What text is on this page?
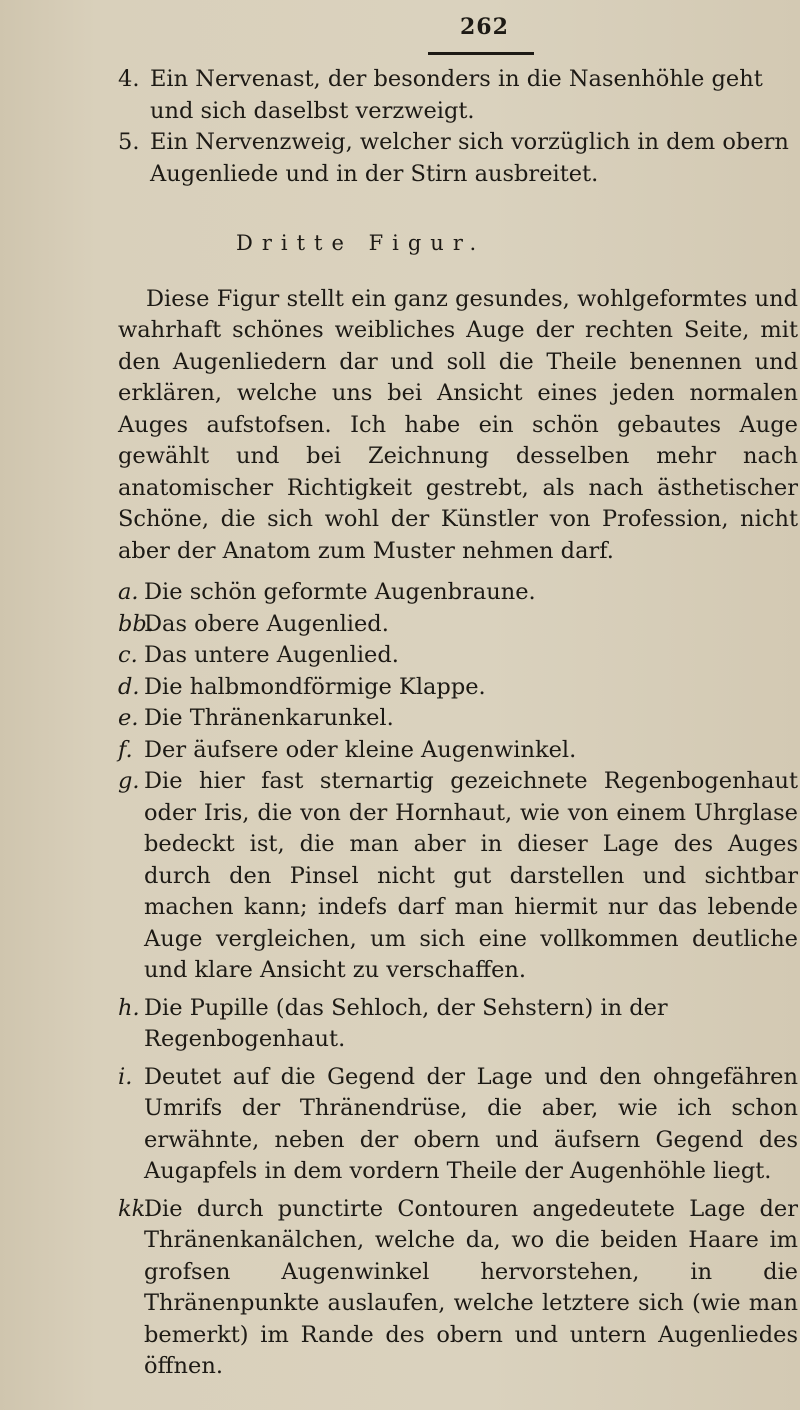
262

4. Ein Nervenast, der besonders in die Nasenhöhle geht und sich daselbst verzweigt.

5. Ein Nervenzweig, welcher sich vorzüglich in dem obern Augenliede und in der Stirn ausbreitet.

Dritte Figur.

Diese Figur stellt ein ganz gesundes, wohlgeformtes und wahrhaft schönes weibliches Auge der rechten Seite, mit den Augenliedern dar und soll die Theile benennen und erklären, welche uns bei Ansicht eines jeden normalen Auges aufstofsen. Ich habe ein schön gebautes Auge gewählt und bei Zeichnung desselben mehr nach anatomischer Richtigkeit gestrebt, als nach ästhetischer Schöne, die sich wohl der Künstler von Profession, nicht aber der Anatom zum Muster nehmen darf.

a. Die schön geformte Augenbraune.

bb.Das obere Augenlied.

c. Das untere Augenlied.

d. Die halbmondförmige Klappe.

e. Die Thränenkarunkel.

f. Der äufsere oder kleine Augenwinkel.

g. Die hier fast sternartig gezeichnete Regenbogenhaut oder Iris, die von der Hornhaut, wie von einem Uhrglase bedeckt ist, die man aber in dieser Lage des Auges durch den Pinsel nicht gut darstellen und sichtbar machen kann; indefs darf man hiermit nur das lebende Auge vergleichen, um sich eine vollkommen deutliche und klare Ansicht zu verschaffen.

h. Die Pupille (das Sehloch, der Sehstern) in der Regenbogenhaut.

i. Deutet auf die Gegend der Lage und den ohngefähren Umrifs der Thränendrüse, die aber, wie ich schon erwähnte, neben der obern und äufsern Gegend des Augapfels in dem vordern Theile der Augenhöhle liegt.

kk.Die durch punctirte Contouren angedeutete Lage der Thränenkanälchen, welche da, wo die beiden Haare im grofsen Augenwinkel hervorstehen, in die Thränenpunkte auslaufen, welche letztere sich (wie man bemerkt) im Rande des obern und untern Augenliedes öffnen.
